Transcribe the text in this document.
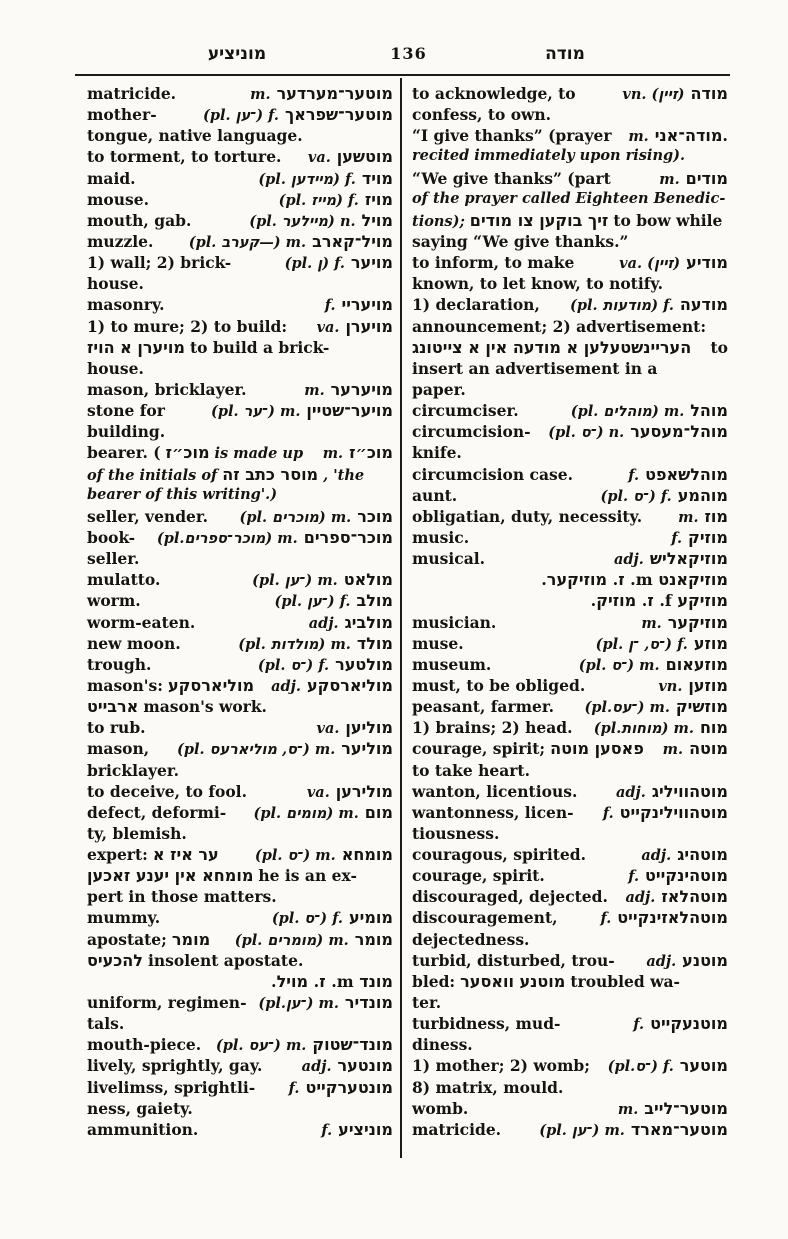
מוניציע	136	מודה
matricide.	m. מוטער־מערדער
mother-	(pl. ־ען) f. מוטער־שפראך
tongue, native language.
to torment, to torture. va. מוטשען
maid.	(pl. מיידען) f. מויד
mouse.	(pl. מייז) f. מויז
mouth, gab.	(pl. מיילער) n. מויל
muzzle. (pl. ‏—קערב) m. מויל־קארב
1) wall; 2) brick-	(pl. ן) f. מויער
house.
masonry.	f. מויעריי
1) to mure; 2) to build: va. מויערן
מויערן א הויז to build a brick-
house.
mason, bricklayer.	m. מויערער
stone for	(pl. ־ער) m. מויער־שטיין
building.
bearer. ( מוכ״ז is made up m. מוכ״ז
of the initials of מוסר כתב זה , 'the
bearer of this writing'.)
seller, vender. (pl. מוכרים) m. מוכר
book- (pl.מוכר־ספרים) m. מוכר־ספרים
seller.
mulatto.	(pl. ־ען) m. מולאט
worm.	(pl. ־ען) f. מולב
worm-eaten.	adj. מולביג
new moon.	(pl. מולדות) m. מולד
trough.	(pl. ־ס) f. מולטער
mason's: מוליארסקע adj. מוליארסקע
ארבייט mason's work.
to rub.	va. מוליען
mason, (pl. ־ס, מוליארעס) m. מוליער
bricklayer.
to deceive, to fool.	va. מולירען
defect, deformi- (pl. מומים) m. מום
ty, blemish.
expert: ער איז א (pl. ־ס) m. מומחא
מומחא אין יענע זאכען he is an ex-
pert in those matters.
mummy.	(pl. ־ס) f. מומיע
apostate; מומר (pl. מומרים) m. מומר
להכעיס insolent apostate.
מונד m. ז. מויל.
uniform, regimen- (pl.־ען) m. מונדיר
tals.
mouth-piece. (pl. ־עס) m. מונד־שטוק
lively, sprightly, gay.	adj. מונטער
livelimss, sprightli- f. מונטערקייט
ness, gaiety.
ammunition.	f. מוניציע
to acknowledge, to	vn. (זיין) מודה
confess, to own.
“I give thanks” (prayer m. מודה־אני.
recited immediately upon rising).
“We give thanks” (part	m. מודים
of the prayer called Eighteen Benedic-
tions); זיך בוקען צו מודים to bow while
saying “We give thanks.”
to inform, to make	va. (זיין) מודיע
known, to let know, to notify.
1) declaration, (pl. מודעות) f. מודעה
announcement; 2) advertisement:
העריינשטעלען א מודעה אין א צייטונג to
insert an advertisement in a
paper.
circumciser.	(pl. מוהלים) m. מוהל
circumcision- (pl. ־ס) n. מוהל־מעסער
knife.
circumcision case.	f. מוהלשאפט
aunt.	(pl. ־ס) f. מוהמע
obligatian, duty, necessity. m. מוז
music.	f. מוזיק
musical.	adj. מוזיקאליש
מוזיקאנט m. ז. מוזיקער.
מוזיקע f. ז. מוזיק.
musician.	m. מוזיקער
muse.	(pl. ־ס, ־ן) f. מוזע
museum.	(pl. ־ס) m. מוזעאום
must, to be obliged.	vn. מוזען
peasant, farmer. (pl.־עס) m. מוזשיק
1) brains; 2) head. (pl.מוחות) m. מוח
courage, spirit; פאסען מוטה m. מוטה
to take heart.
wanton, licentious.	adj. מוטהוויליג
wantonness, licen- f. מוטהווילינקייט
tiousness.
couragous, spirited.	adj. מוטהיג
courage, spirit.	f. מוטהינקייט
discouraged, dejected. adj. מוטהלאז
discouragement,	f. מוטהלאזינקייט
dejectedness.
turbid, disturbed, trou- adj. מוטנע
bled: מוטנע וואסער troubled wa-
ter.
turbidness, mud-	f. מוטנעקייט
diness.
1) mother; 2) womb; (pl.־ס) f. מוטער
8) matrix, mould.
womb.	m. מוטער־לייב
matricide.	(pl. ־ען) m. מוטער־מארד
